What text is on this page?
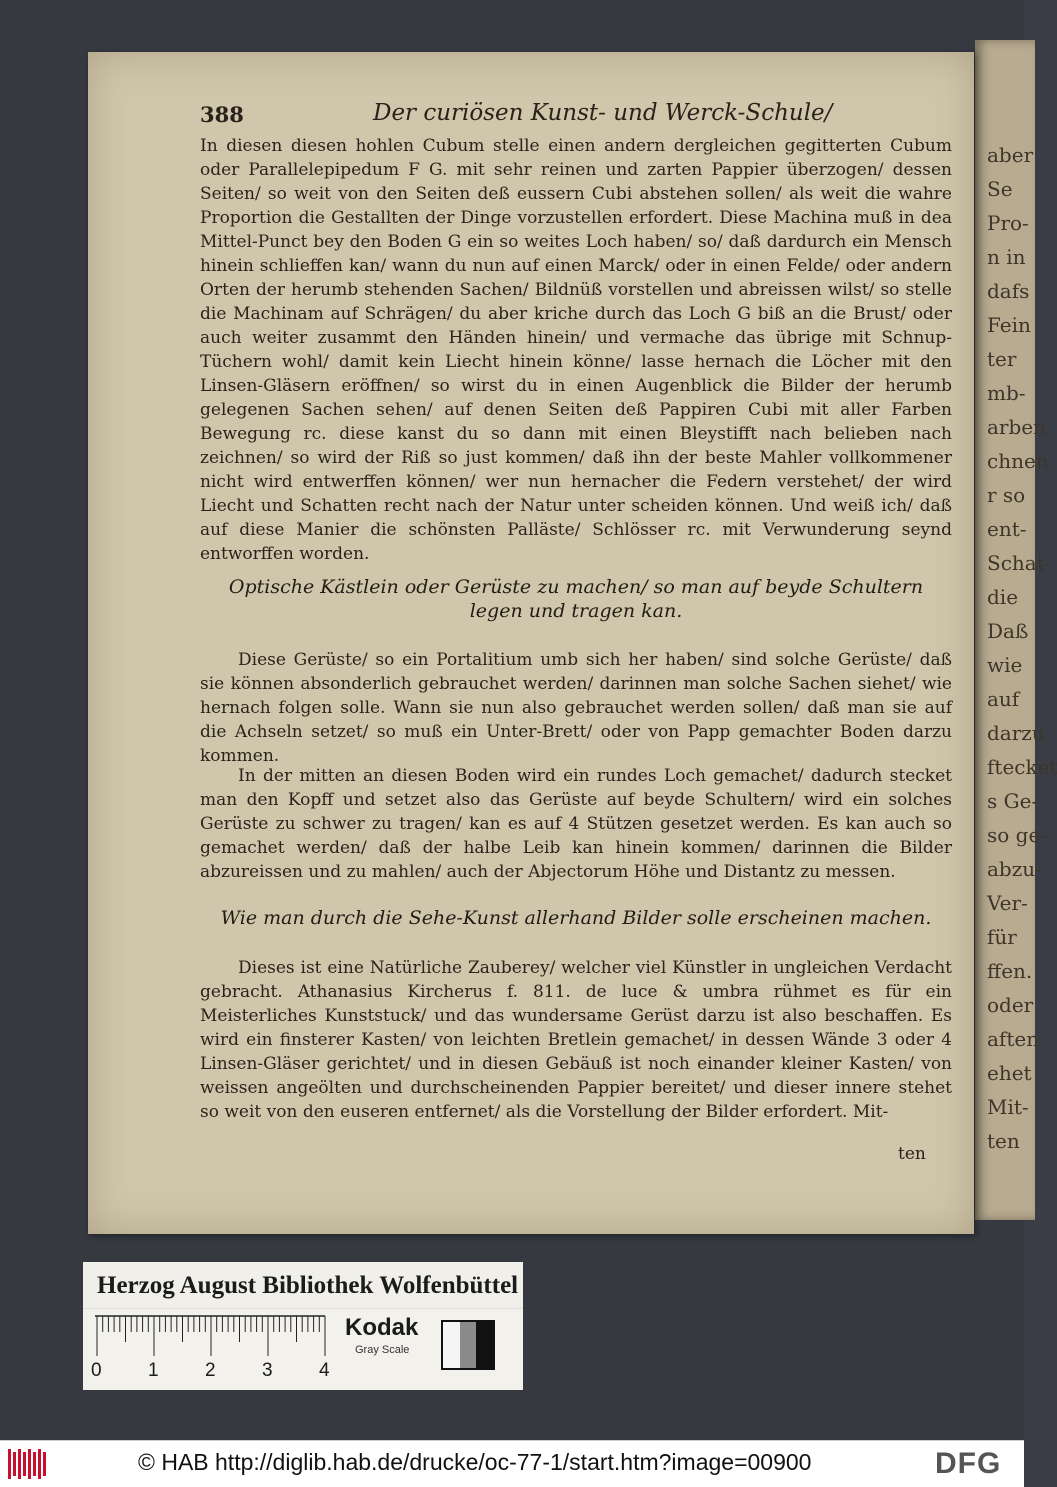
aber
Se
Pro-
n in
dafs
Fein
ter
mb-
arben
chnen
r so
ent-
Schat-
die
Daß
wie
auf
darzu
ftecket
s Ge-
so ge-
abzu-
Ver-
für
ffen.
oder
aften
ehet
Mit-
ten
388	Der curiösen Kunst- und Werck-Schule/

In diesen diesen hohlen Cubum stelle einen andern dergleichen gegitterten Cubum oder Parallelepipedum F G. mit sehr reinen und zarten Pappier überzogen/ dessen Seiten/ so weit von den Seiten deß eussern Cubi abstehen sollen/ als weit die wahre Proportion die Gestallten der Dinge vorzustellen erfordert. Diese Machina muß in dea Mittel-Punct bey den Boden G ein so weites Loch haben/ so/ daß dardurch ein Mensch hinein schlieffen kan/ wann du nun auf einen Marck/ oder in einen Felde/ oder andern Orten der herumb stehenden Sachen/ Bildnüß vorstellen und abreissen wilst/ so stelle die Machinam auf Schrägen/ du aber kriche durch das Loch G biß an die Brust/ oder auch weiter zusammt den Händen hinein/ und vermache das übrige mit Schnup-Tüchern wohl/ damit kein Liecht hinein könne/ lasse hernach die Löcher mit den Linsen-Gläsern eröffnen/ so wirst du in einen Augenblick die Bilder der herumb gelegenen Sachen sehen/ auf denen Seiten deß Pappiren Cubi mit aller Farben Bewegung rc. diese kanst du so dann mit einen Bleystifft nach belieben nach zeichnen/ so wird der Riß so just kommen/ daß ihn der beste Mahler vollkommener nicht wird entwerffen können/ wer nun hernacher die Federn verstehet/ der wird Liecht und Schatten recht nach der Natur unter scheiden können. Und weiß ich/ daß auf diese Manier die schönsten Palläste/ Schlösser rc. mit Verwunderung seynd entworffen worden.

Optische Kästlein oder Gerüste zu machen/ so man auf beyde Schultern legen und tragen kan.

Diese Gerüste/ so ein Portalitium umb sich her haben/ sind solche Gerüste/ daß sie können absonderlich gebrauchet werden/ darinnen man solche Sachen siehet/ wie hernach folgen solle. Wann sie nun also gebrauchet werden sollen/ daß man sie auf die Achseln setzet/ so muß ein Unter-Brett/ oder von Papp gemachter Boden darzu kommen.

In der mitten an diesen Boden wird ein rundes Loch gemachet/ dadurch stecket man den Kopff und setzet also das Gerüste auf beyde Schultern/ wird ein solches Gerüste zu schwer zu tragen/ kan es auf 4 Stützen gesetzet werden. Es kan auch so gemachet werden/ daß der halbe Leib kan hinein kommen/ darinnen die Bilder abzureissen und zu mahlen/ auch der Abjectorum Höhe und Distantz zu messen.

Wie man durch die Sehe-Kunst allerhand Bilder solle erscheinen machen.

Dieses ist eine Natürliche Zauberey/ welcher viel Künstler in ungleichen Verdacht gebracht. Athanasius Kircherus f. 811. de luce & umbra rühmet es für ein Meisterliches Kunststuck/ und das wundersame Gerüst darzu ist also beschaffen. Es wird ein finsterer Kasten/ von leichten Bretlein gemachet/ in dessen Wände 3 oder 4 Linsen-Gläser gerichtet/ und in diesen Gebäuß ist noch einander kleiner Kasten/ von weissen angeölten und durchscheinenden Pappier bereitet/ und dieser innere stehet so weit von den euseren entfernet/ als die Vorstellung der Bilder erfordert. Mit-

ten
Herzog August Bibliothek Wolfenbüttel
0 1 2 3 4
Kodak
Gray Scale
© HAB http://diglib.hab.de/drucke/oc-77-1/start.htm?image=00900	DFG
